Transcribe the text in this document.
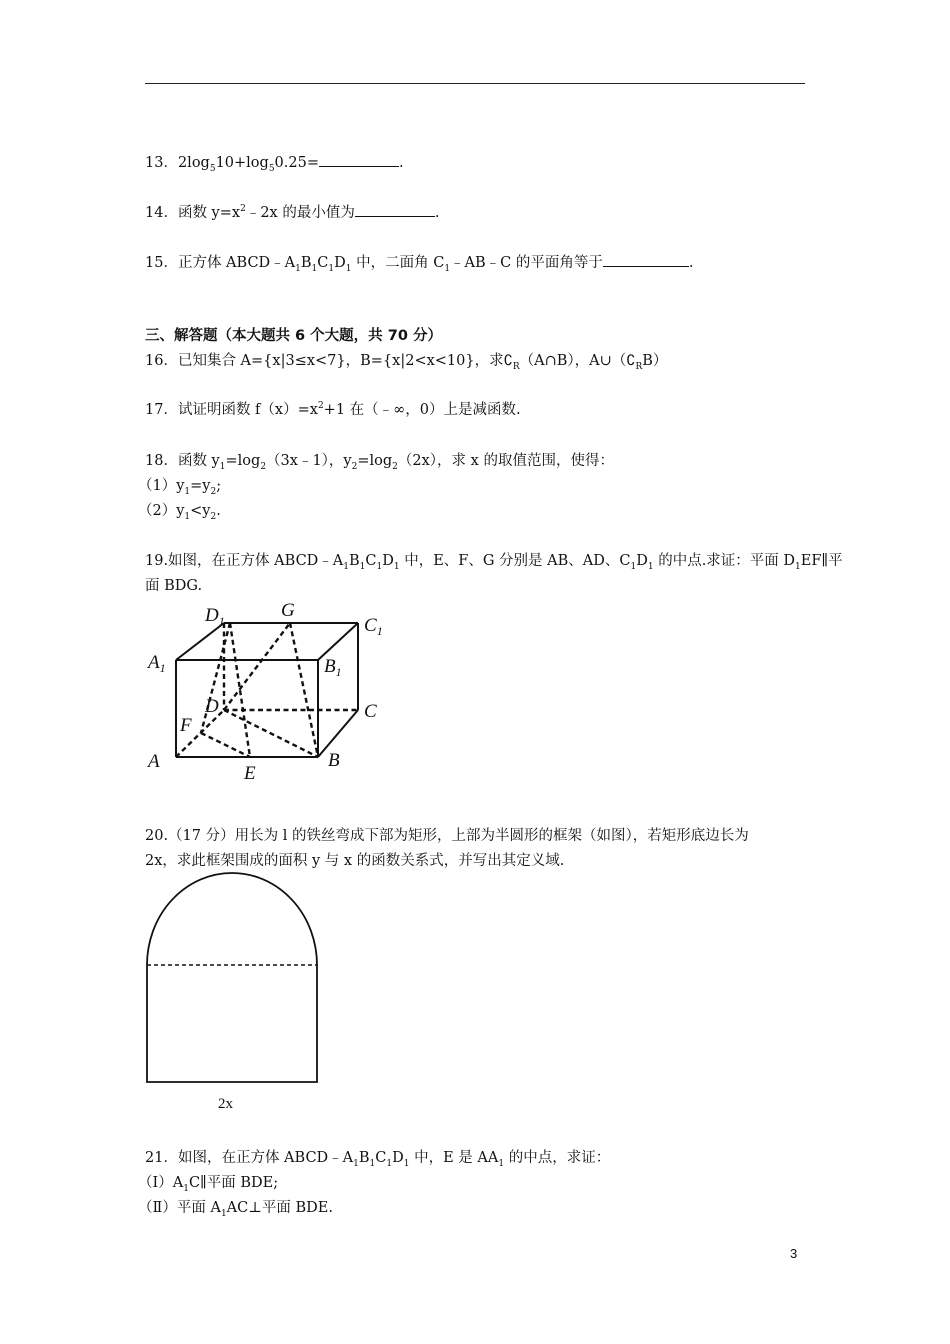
13．$2\log_510+\log_50.25=$	.
14．函数 $y=x^2﹣2x$ 的最小值为	.
15．正方体 $ABCD﹣A_1B_1C_1D_1$ 中，二面角 $C_1﹣AB﹣C$ 的平面角等于	.
三、解答题（本大题共 6 个大题，共 70 分）
16．已知集合 A={x|3≤x<7}，B={x|2<x<10}，求$∁_R(A\cap B)$，$A\cup(∁_RB)$
17．试证明函数 $f(x)=x^2+1$ 在（﹣∞，0）上是减函数.
18．函数 $y_1=\log_2(3x﹣1)$，$y_2=\log_2(2x)$，求 x 的取值范围，使得：
$(1)y_1=y_2$;
$(2)y_1<y_2$.
19.如图，在正方体 $ABCD﹣A_1B_1C_1D_1$ 中，E、F、G 分别是 AB、AD、$C_1D_1$ 的中点.求证：平面 $D_1EF\parallel$平
面 BDG.
$D_1$	G
$C_1$
$A_1$	$B_1$
D	C
F
A	B
E
20.（17 分）用长为 l 的铁丝弯成下部为矩形，上部为半圆形的框架（如图），若矩形底边长为
2x，求此框架围成的面积 y 与 x 的函数关系式，并写出其定义域.
2x
21．如图，在正方体 $ABCD﹣A_1B_1C_1D_1$ 中，E 是 $AA_1$ 的中点，求证：
$(Ⅰ)A_1C\parallel$平面 BDE;
（Ⅱ）平面 $A_1AC\perp$平面 BDE.
3
